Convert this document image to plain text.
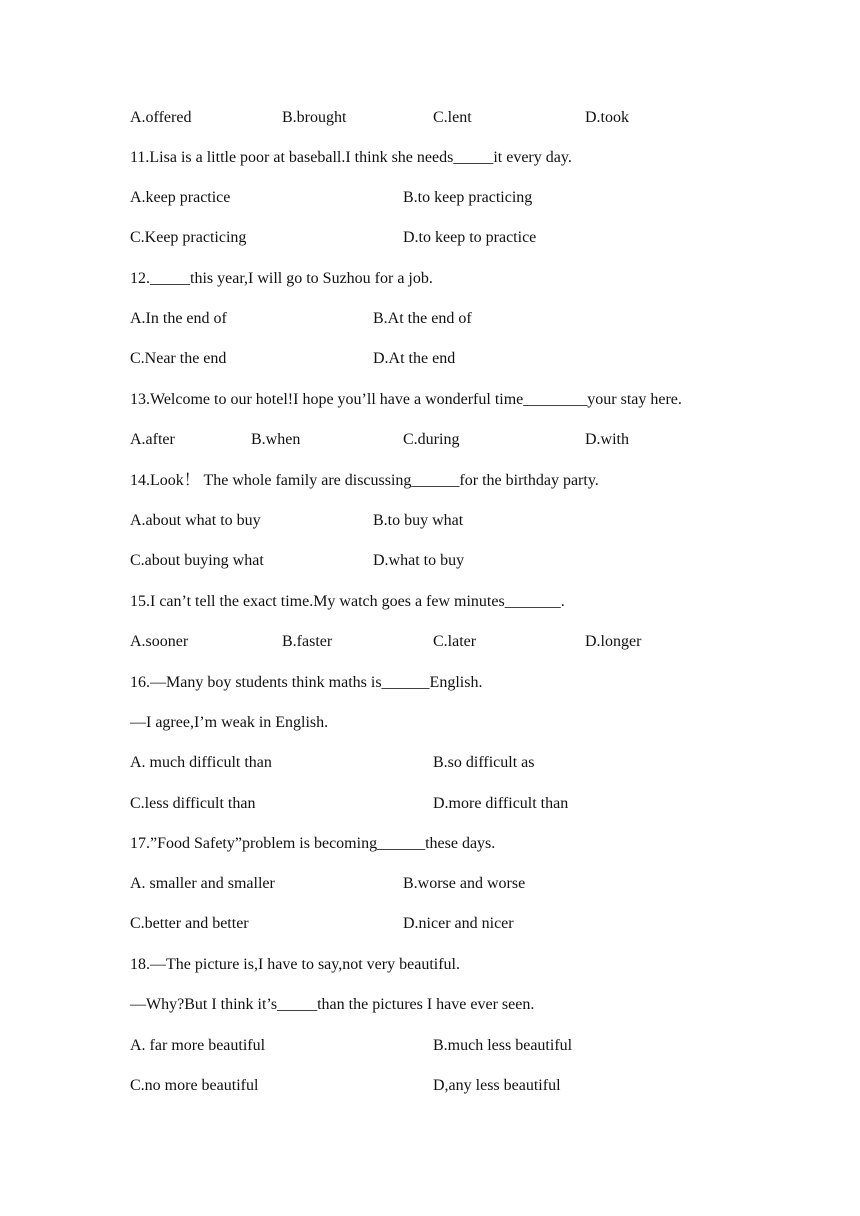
A.offered	B.brought	C.lent	D.took
11.Lisa is a little poor at baseball.I think she needs_____it every day.
A.keep practice	B.to keep practicing
C.Keep practicing	D.to keep to practice
12._____this year,I will go to Suzhou for a job.
A.In the end of	B.At the end of
C.Near the end	D.At the end
13.Welcome to our hotel!I hope you’ll have a wonderful time________your stay here.
A.after	B.when	C.during	D.with
14.Look！ The whole family are discussing______for the birthday party.
A.about what to buy	B.to buy what
C.about buying what	D.what to buy
15.I can’t tell the exact time.My watch goes a few minutes_______.
A.sooner	B.faster	C.later	D.longer
16.—Many boy students think maths is______English.
—I agree,I’m weak in English.
A. much difficult than	B.so difficult as
C.less difficult than	D.more difficult than
17.”Food Safety”problem is becoming______these days.
A. smaller and smaller	B.worse and worse
C.better and better	D.nicer and nicer
18.—The picture is,I have to say,not very beautiful.
—Why?But I think it’s_____than the pictures I have ever seen.
A. far more beautiful	B.much less beautiful
C.no more beautiful	D,any less beautiful
